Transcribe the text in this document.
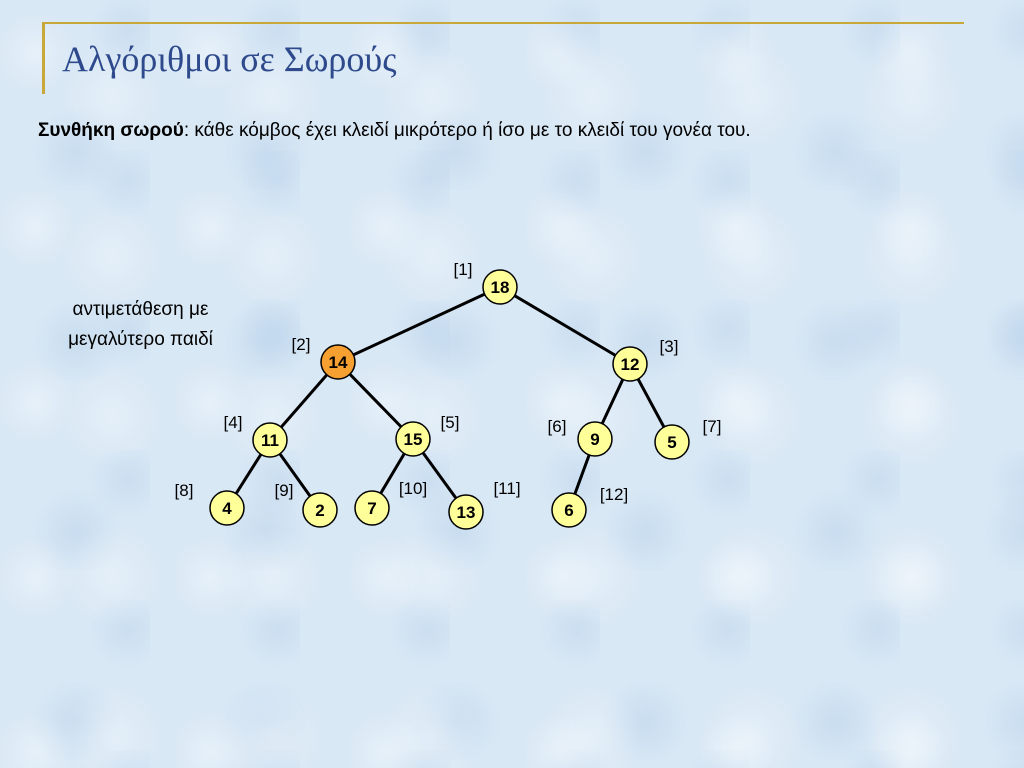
Αλγόριθμοι σε Σωρούς
Συνθήκη σωρού: κάθε κόμβος έχει κλειδί μικρότερο ή ίσο με το κλειδί του γονέα του.
αντιμετάθεση με μεγαλύτερο παιδί
18
14	12
11	15	9	5
4	2	7	13	6
[1]
[2]	[3]
[4]	[5]	[6]	[7]
[8]	[9]	[10]	[11]	[12]
